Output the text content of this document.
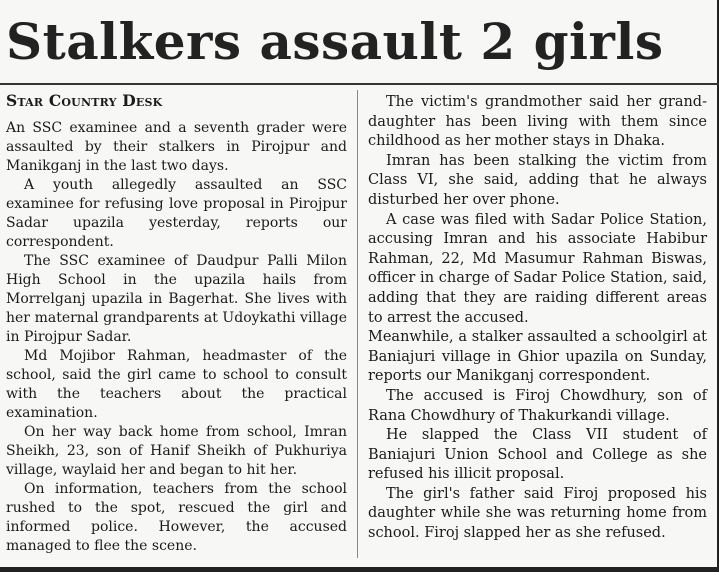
Stalkers assault 2 girls
Star Country Desk

An SSC examinee and a seventh grader were assaulted by their stalkers in Pirojpur and Manikganj in the last two days.

A youth allegedly assaulted an SSC examinee for refusing love proposal in Pirojpur Sadar upazila yesterday, reports our correspondent.

The SSC examinee of Daudpur Palli Milon High School in the upazila hails from Morrelganj upazila in Bagerhat. She lives with her maternal grandparents at Udoykathi village in Pirojpur Sadar.

Md Mojibor Rahman, headmaster of the school, said the girl came to school to consult with the teachers about the practical examination.

On her way back home from school, Imran Sheikh, 23, son of Hanif Sheikh of Pukhuriya village, waylaid her and began to hit her.

On information, teachers from the school rushed to the spot, rescued the girl and informed police. However, the accused managed to flee the scene.

The victim's grandmother said her grand-daughter has been living with them since childhood as her mother stays in Dhaka.

Imran has been stalking the victim from Class VI, she said, adding that he always disturbed her over phone.

A case was filed with Sadar Police Station, accusing Imran and his associate Habibur Rahman, 22, Md Masumur Rahman Biswas, officer in charge of Sadar Police Station, said, adding that they are raiding different areas to arrest the accused.

Meanwhile, a stalker assaulted a schoolgirl at Baniajuri village in Ghior upazila on Sunday, reports our Manikganj correspondent.

The accused is Firoj Chowdhury, son of Rana Chowdhury of Thakurkandi village.

He slapped the Class VII student of Baniajuri Union School and College as she refused his illicit proposal.

The girl's father said Firoj proposed his daughter while she was returning home from school. Firoj slapped her as she refused.
